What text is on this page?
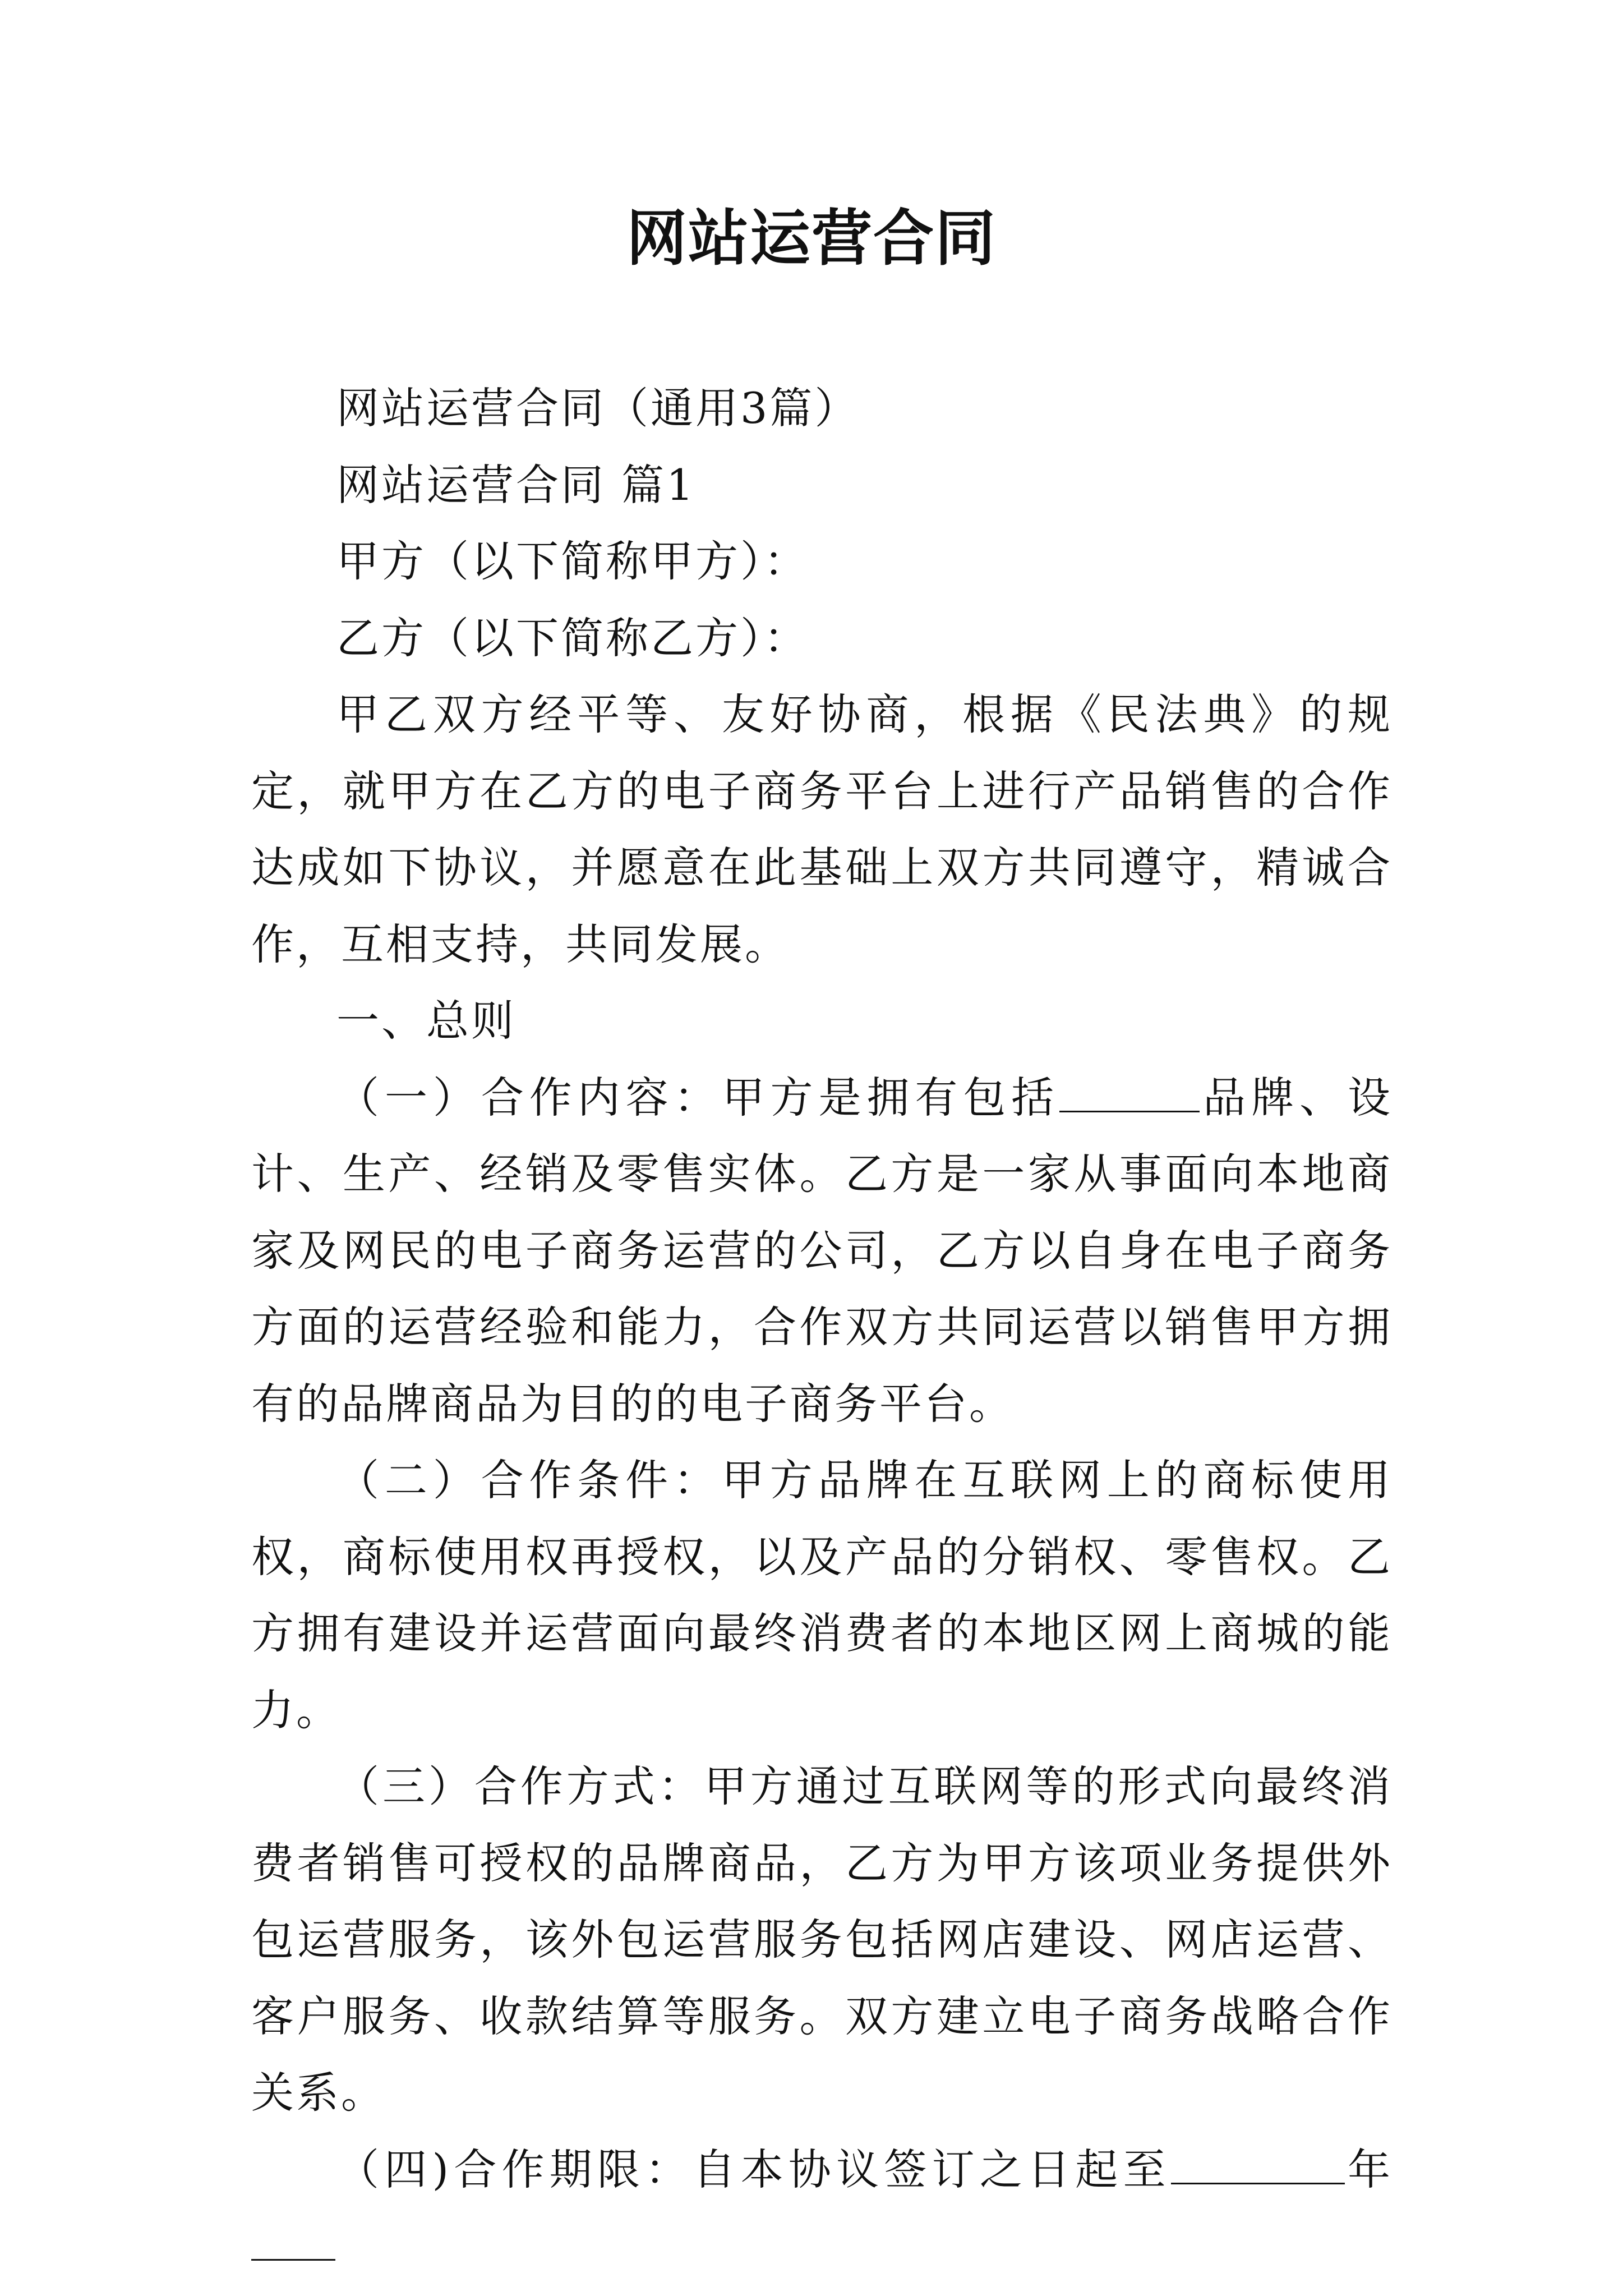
网站运营合同

网站运营合同（通用3篇）

网站运营合同 篇1

甲方（以下简称甲方）：

乙方（以下简称乙方）：

甲乙双方经平等、友好协商，根据《民法典》的规定，就甲方在乙方的电子商务平台上进行产品销售的合作达成如下协议，并愿意在此基础上双方共同遵守，精诚合作，互相支持，共同发展。

一、总则

（一）合作内容：甲方是拥有包括	品牌、设计、生产、经销及零售实体。乙方是一家从事面向本地商家及网民的电子商务运营的公司，乙方以自身在电子商务方面的运营经验和能力，合作双方共同运营以销售甲方拥有的品牌商品为目的的电子商务平台。

（二）合作条件：甲方品牌在互联网上的商标使用权，商标使用权再授权，以及产品的分销权、零售权。乙方拥有建设并运营面向最终消费者的本地区网上商城的能力。

（三）合作方式：甲方通过互联网等的形式向最终消费者销售可授权的品牌商品，乙方为甲方该项业务提供外包运营服务，该外包运营服务包括网店建设、网店运营、客户服务、收款结算等服务。双方建立电子商务战略合作关系。

（四)合作期限：自本协议签订之日起至	年
